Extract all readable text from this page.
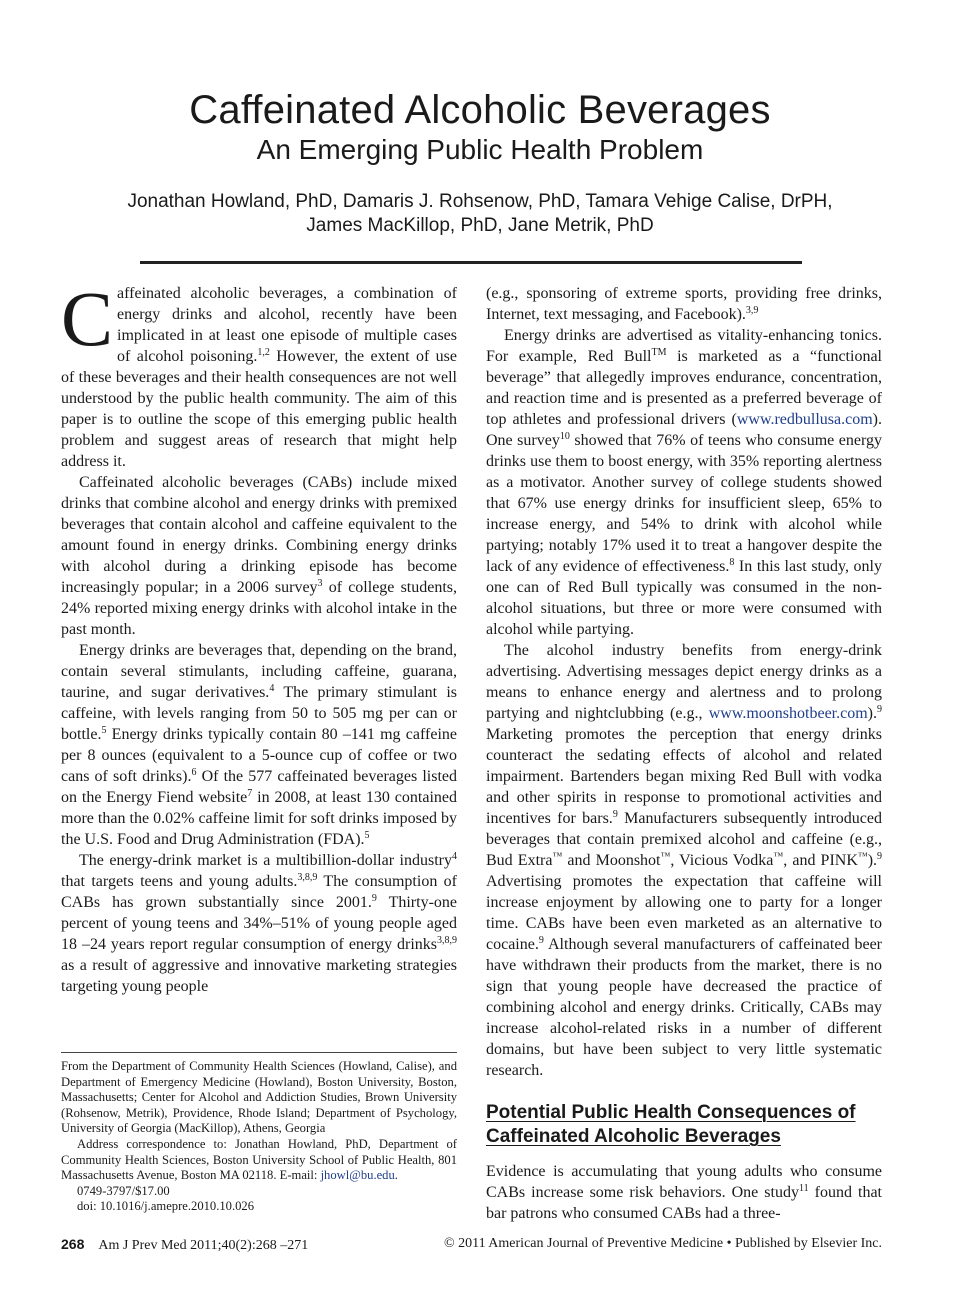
Caffeinated Alcoholic Beverages
An Emerging Public Health Problem
Jonathan Howland, PhD, Damaris J. Rohsenow, PhD, Tamara Vehige Calise, DrPH,
James MacKillop, PhD, Jane Metrik, PhD

Caffeinated alcoholic beverages, a combination of energy drinks and alcohol, recently have been implicated in at least one episode of multiple cases of alcohol poisoning.$^{1,2}$ However, the extent of use of these beverages and their health consequences are not well understood by the public health community. The aim of this paper is to outline the scope of this emerging public health problem and suggest areas of research that might help address it.

Caffeinated alcoholic beverages (CABs) include mixed drinks that combine alcohol and energy drinks with premixed beverages that contain alcohol and caffeine equivalent to the amount found in energy drinks. Combining energy drinks with alcohol during a drinking episode has become increasingly popular; in a 2006 survey$^3$ of college students, 24% reported mixing energy drinks with alcohol intake in the past month.

Energy drinks are beverages that, depending on the brand, contain several stimulants, including caffeine, guarana, taurine, and sugar derivatives.$^4$ The primary stimulant is caffeine, with levels ranging from 50 to 505 mg per can or bottle.$^5$ Energy drinks typically contain 80 –141 mg caffeine per 8 ounces (equivalent to a 5-ounce cup of coffee or two cans of soft drinks).$^6$ Of the 577 caffeinated beverages listed on the Energy Fiend website$^7$ in 2008, at least 130 contained more than the 0.02% caffeine limit for soft drinks imposed by the U.S. Food and Drug Administration (FDA).$^5$

The energy-drink market is a multibillion-dollar industry$^4$ that targets teens and young adults.$^{3,8,9}$ The consumption of CABs has grown substantially since 2001.$^9$ Thirty-one percent of young teens and 34%–51% of young people aged 18 –24 years report regular consumption of energy drinks$^{3,8,9}$ as a result of aggressive and innovative marketing strategies targeting young people

From the Department of Community Health Sciences (Howland, Calise), and Department of Emergency Medicine (Howland), Boston University, Boston, Massachusetts; Center for Alcohol and Addiction Studies, Brown University (Rohsenow, Metrik), Providence, Rhode Island; Department of Psychology, University of Georgia (MacKillop), Athens, Georgia

Address correspondence to: Jonathan Howland, PhD, Department of Community Health Sciences, Boston University School of Public Health, 801 Massachusetts Avenue, Boston MA 02118. E-mail: jhowl@bu.edu.

0749-3797/$17.00

doi: 10.1016/j.amepre.2010.10.026

(e.g., sponsoring of extreme sports, providing free drinks, Internet, text messaging, and Facebook).$^{3,9}$

Energy drinks are advertised as vitality-enhancing tonics. For example, Red Bull™ is marketed as a “functional beverage” that allegedly improves endurance, concentration, and reaction time and is presented as a preferred beverage of top athletes and professional drivers (www.redbullusa.com). One survey$^{10}$ showed that 76% of teens who consume energy drinks use them to boost energy, with 35% reporting alertness as a motivator. Another survey of college students showed that 67% use energy drinks for insufficient sleep, 65% to increase energy, and 54% to drink with alcohol while partying; notably 17% used it to treat a hangover despite the lack of any evidence of effectiveness.$^8$ In this last study, only one can of Red Bull typically was consumed in the non-alcohol situations, but three or more were consumed with alcohol while partying.

The alcohol industry benefits from energy-drink advertising. Advertising messages depict energy drinks as a means to enhance energy and alertness and to prolong partying and nightclubbing (e.g., www.moonshotbeer.com).$^9$ Marketing promotes the perception that energy drinks counteract the sedating effects of alcohol and related impairment. Bartenders began mixing Red Bull with vodka and other spirits in response to promotional activities and incentives for bars.$^9$ Manufacturers subsequently introduced beverages that contain premixed alcohol and caffeine (e.g., Bud Extra™ and Moonshot™, Vicious Vodka™, and PINK™).$^9$ Advertising promotes the expectation that caffeine will increase enjoyment by allowing one to party for a longer time. CABs have been even marketed as an alternative to cocaine.$^9$ Although several manufacturers of caffeinated beer have withdrawn their products from the market, there is no sign that young people have decreased the practice of combining alcohol and energy drinks. Critically, CABs may increase alcohol-related risks in a number of different domains, but have been subject to very little systematic research.

Potential Public Health Consequences of Caffeinated Alcoholic Beverages

Evidence is accumulating that young adults who consume CABs increase some risk behaviors. One study$^{11}$ found that bar patrons who consumed CABs had a three-

268 Am J Prev Med 2011;40(2):268 –271	© 2011 American Journal of Preventive Medicine • Published by Elsevier Inc.
